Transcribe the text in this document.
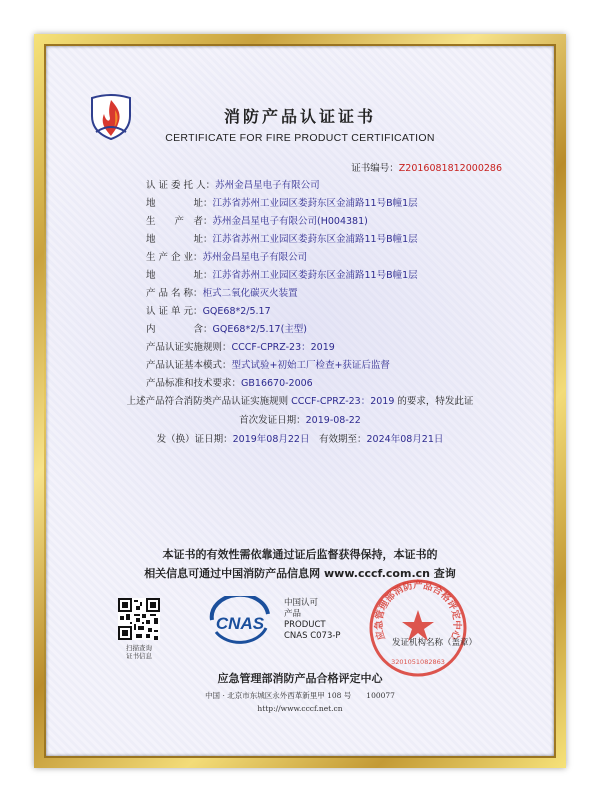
消防产品认证证书
CERTIFICATE FOR FIRE PRODUCT CERTIFICATION
证书编号：Z2016081812000286
认 证 委 托 人：苏州金昌星电子有限公司
地　　　　址：江苏省苏州工业园区娄葑东区金浦路11号B幢1层
生　　产　者：苏州金昌星电子有限公司(H004381)
地　　　　址：江苏省苏州工业园区娄葑东区金浦路11号B幢1层
生 产 企 业：苏州金昌星电子有限公司
地　　　　址：江苏省苏州工业园区娄葑东区金浦路11号B幢1层
产 品 名 称：柜式二氧化碳灭火装置
认 证 单 元：GQE68*2/5.17
内　　　　含：GQE68*2/5.17(主型)
产品认证实施规则：CCCF-CPRZ-23：2019
产品认证基本模式：型式试验+初始工厂检查+获证后监督
产品标准和技术要求：GB16670-2006
上述产品符合消防类产品认证实施规则 CCCF-CPRZ-23：2019 的要求，特发此证
首次发证日期：2019-08-22
发（换）证日期：2019年08月22日　 有效期至：2024年08月21日
本证书的有效性需依靠通过证后监督获得保持，本证书的
相关信息可通过中国消防产品信息网 www.cccf.com.cn 查询
扫描查询
证书信息
CNAS
中国认可
产品
PRODUCT
CNAS C073-P	应急管理部消防产品合格评定中心
3201051082863
发证机构名称（盖章）
应急管理部消防产品合格评定中心
中国 · 北京市东城区永外西革新里甲 108 号　　100077
http://www.cccf.net.cn
